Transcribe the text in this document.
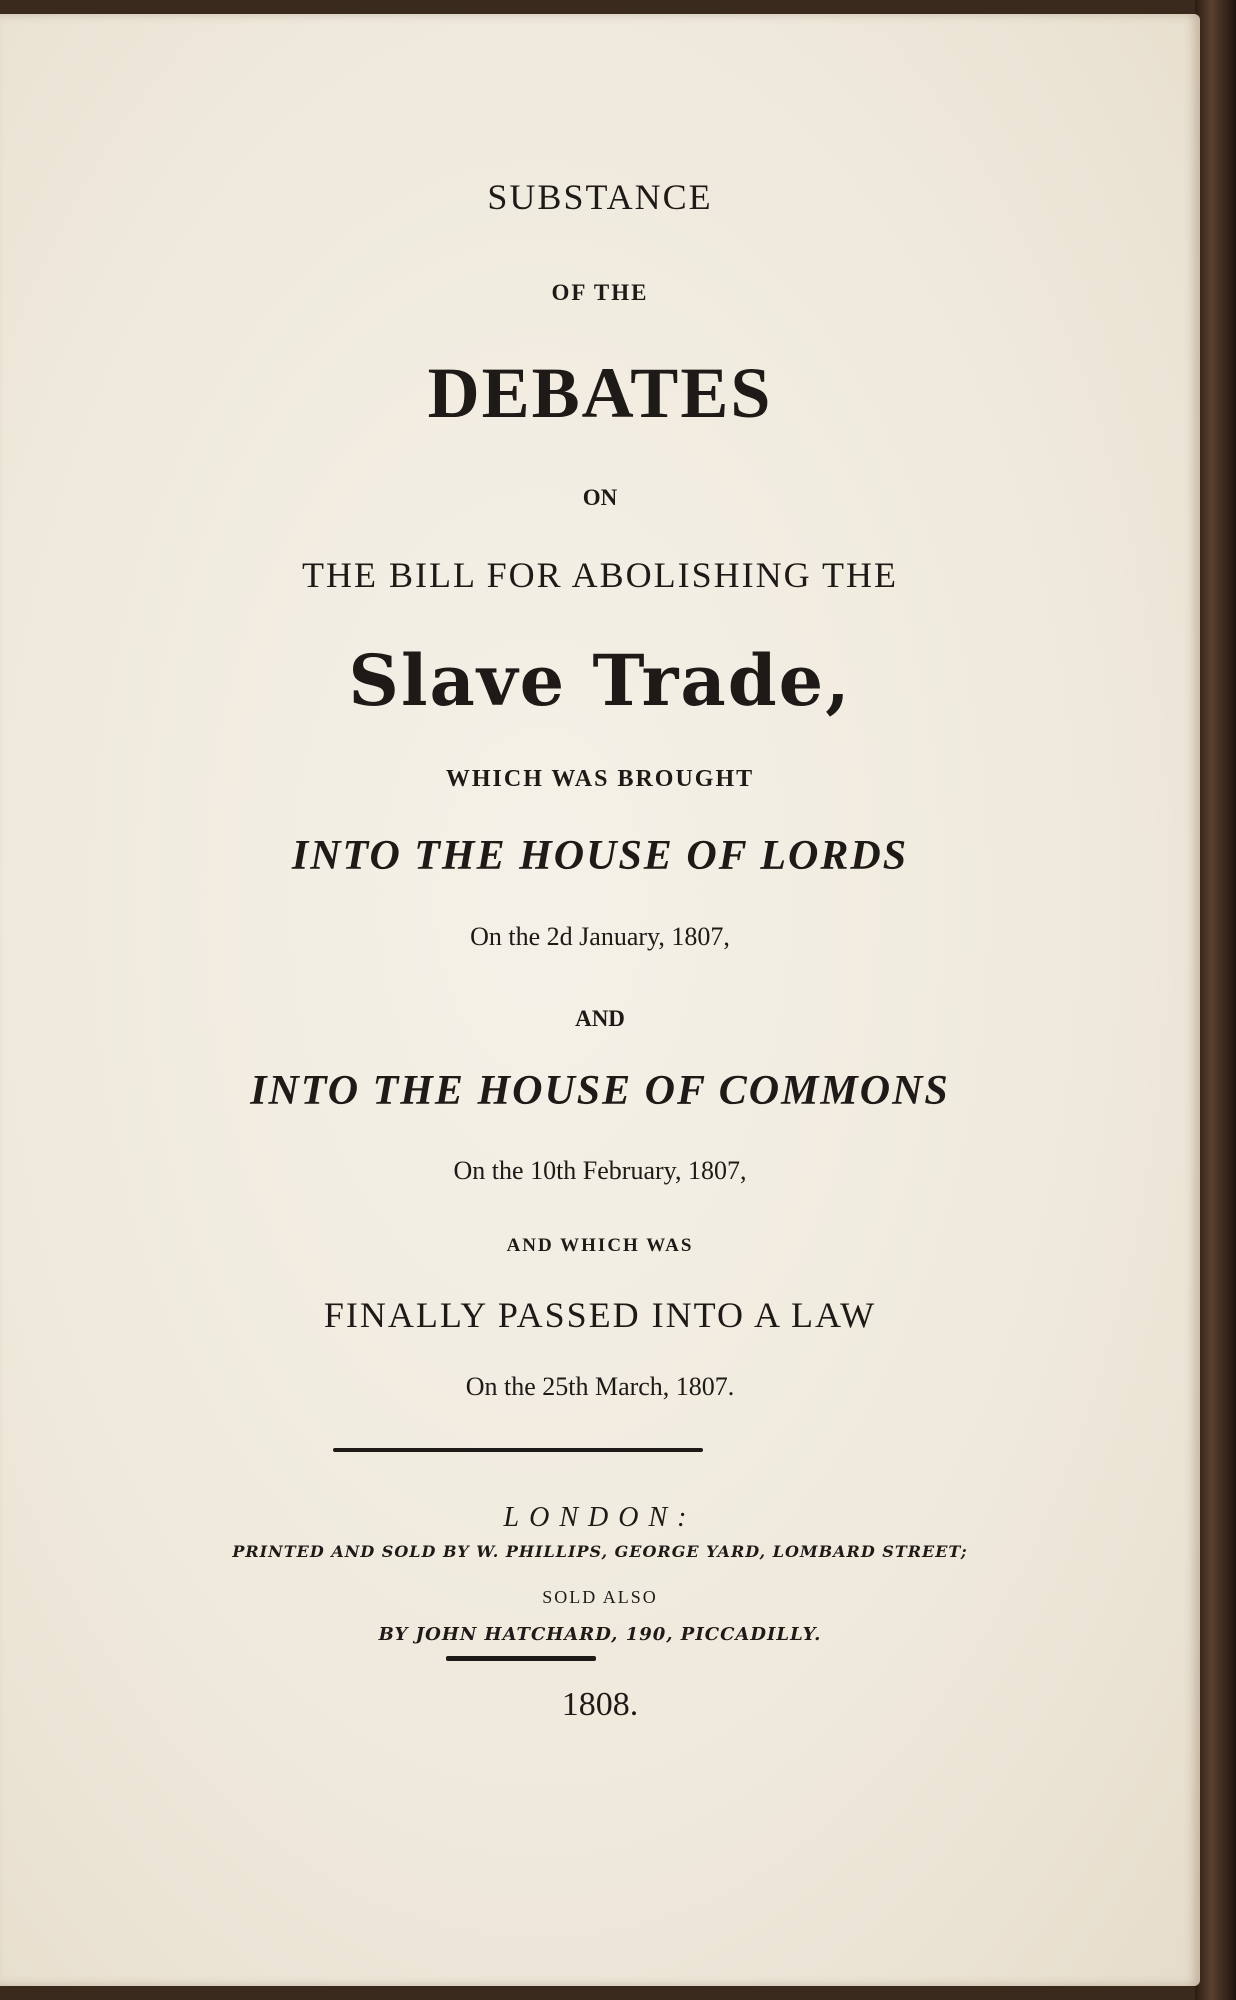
SUBSTANCE
OF THE
DEBATES
ON
THE BILL FOR ABOLISHING THE
Slave Trade,
WHICH WAS BROUGHT
INTO THE HOUSE OF LORDS
On the 2d January, 1807,
AND
INTO THE HOUSE OF COMMONS
On the 10th February, 1807,
AND WHICH WAS
FINALLY PASSED INTO A LAW
On the 25th March, 1807.
LONDON:
PRINTED AND SOLD BY W. PHILLIPS, GEORGE YARD, LOMBARD STREET;
SOLD ALSO
BY JOHN HATCHARD, 190, PICCADILLY.
1808.
